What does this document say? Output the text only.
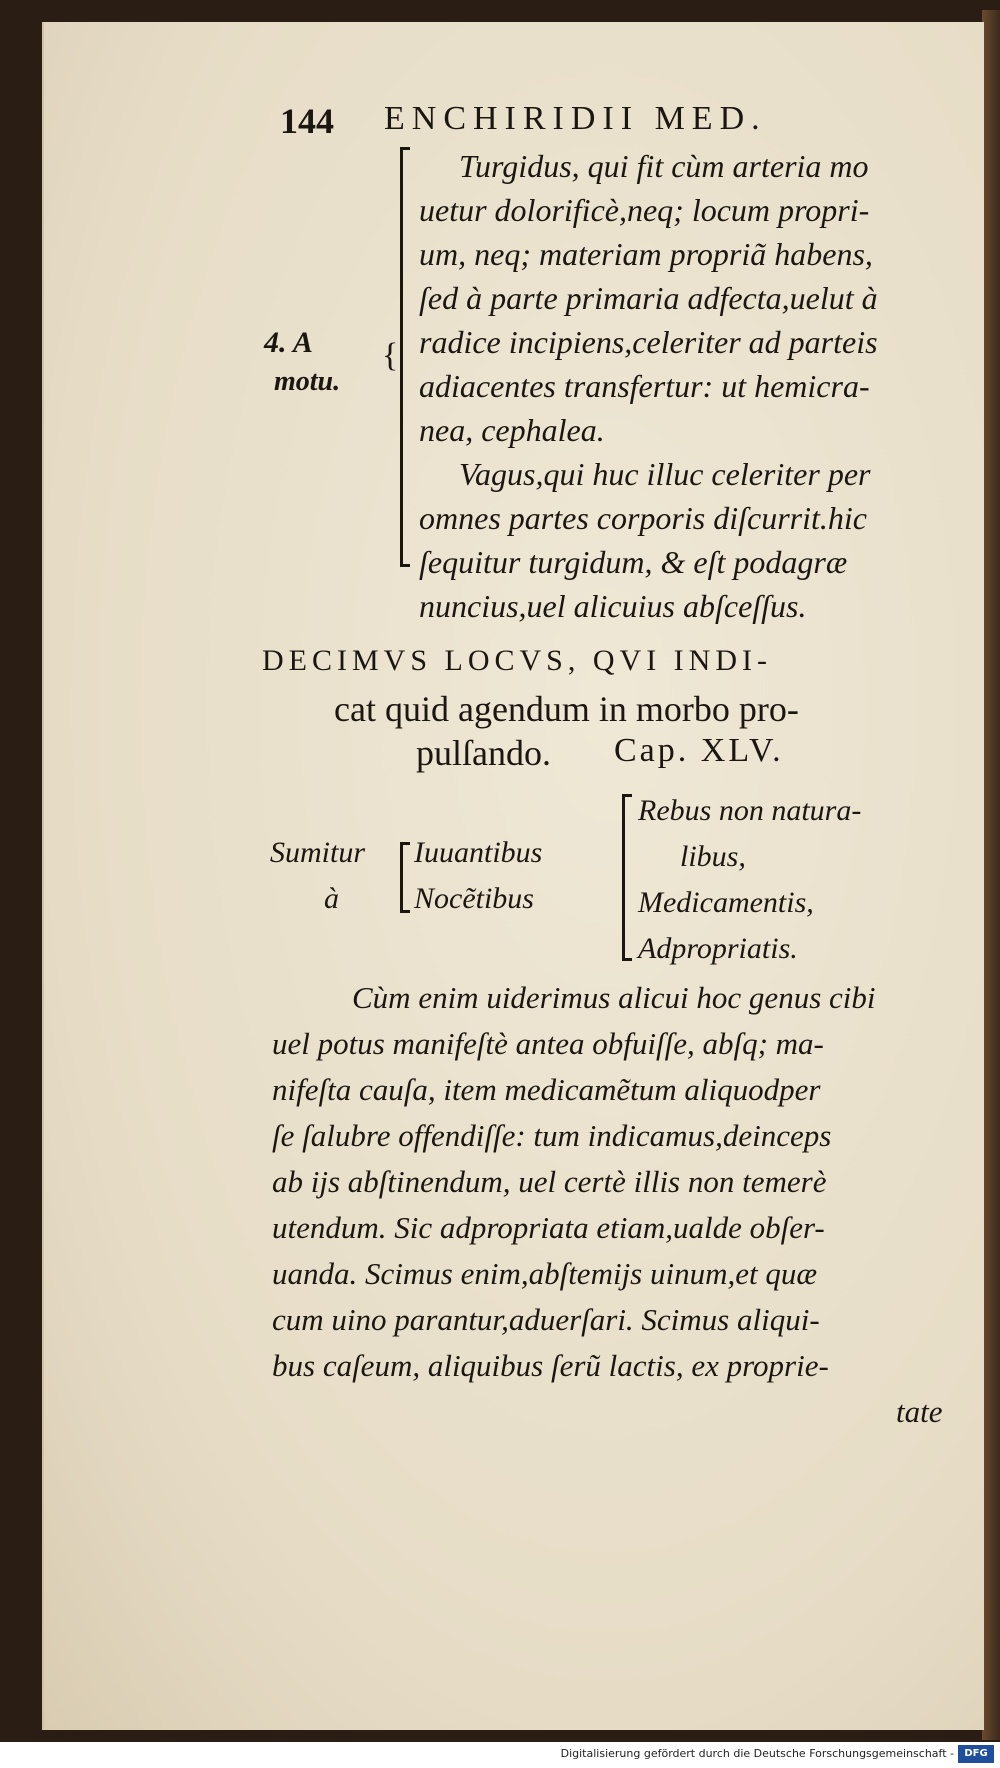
144 ENCHIRIDII MED.
{
4. A
motu.
Turgidus, qui fit cùm arteria mo
uetur dolorificè,neq; locum propri-
um, neq; materiam propriã habens,
ſed à parte primaria adfecta,uelut à
radice incipiens,celeriter ad parteis
adiacentes transfertur: ut hemicra-
nea, cephalea.
Vagus,qui huc illuc celeriter per
omnes partes corporis diſcurrit.hic
ſequitur turgidum, & eſt podagræ
nuncius,uel alicuius abſceſſus.
DECIMVS LOCVS, QVI INDI-
cat quid agendum in morbo pro-
pulſando. Cap. XLV.
Sumitur
à
Iuuantibus
Nocẽtibus
Rebus non natura-
libus,
Medicamentis,
Adpropriatis.
Cùm enim uiderimus alicui hoc genus cibi
uel potus manifeſtè antea obfuiſſe, abſq; ma-
nifeſta cauſa, item medicamẽtum aliquodper
ſe ſalubre offendiſſe: tum indicamus,deinceps
ab ijs abſtinendum, uel certè illis non temerè
utendum. Sic adpropriata etiam,ualde obſer-
uanda. Scimus enim,abſtemijs uinum,et quæ
cum uino parantur,aduerſari. Scimus aliqui-
bus caſeum, aliquibus ſerũ lactis, ex proprie-
tate
Digitalisierung gefördert durch die Deutsche Forschungsgemeinschaft -	DFG
